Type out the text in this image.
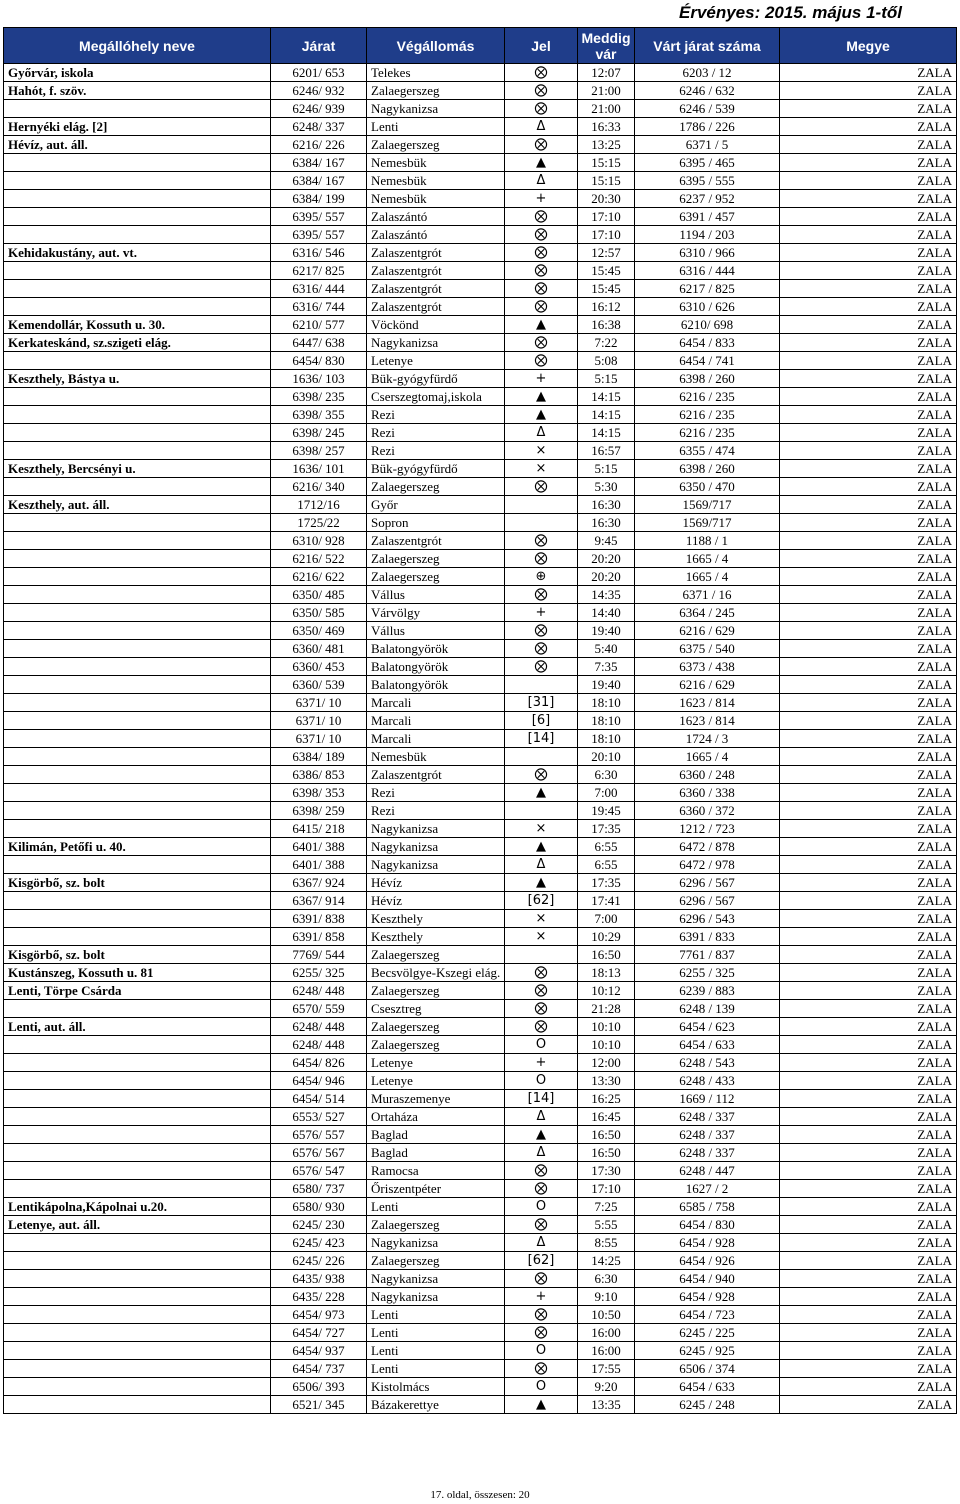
Érvényes: 2015. május 1-től
Megállóhely neve	Járat	Végállomás	Jel	Meddig vár	Várt járat száma	Megye
Győrvár, iskola	6201/ 653	Telekes	⨂	12:07	6203 / 12	ZALA
Hahót, f. szöv.	6246/ 932	Zalaegerszeg	⨂	21:00	6246 / 632	ZALA
	6246/ 939	Nagykanizsa	⨂	21:00	6246 / 539	ZALA
Hernyéki elág. [2]	6248/ 337	Lenti	Δ	16:33	1786 / 226	ZALA
Hévíz, aut. áll.	6216/ 226	Zalaegerszeg	⨂	13:25	6371 / 5	ZALA
	6384/ 167	Nemesbük	▲	15:15	6395 / 465	ZALA
	6384/ 167	Nemesbük	Δ	15:15	6395 / 555	ZALA
	6384/ 199	Nemesbük	+	20:30	6237 / 952	ZALA
	6395/ 557	Zalaszántó	⨂	17:10	6391 / 457	ZALA
	6395/ 557	Zalaszántó	⨂	17:10	1194 / 203	ZALA
Kehidakustány, aut. vt.	6316/ 546	Zalaszentgrót	⨂	12:57	6310 / 966	ZALA
	6217/ 825	Zalaszentgrót	⨂	15:45	6316 / 444	ZALA
	6316/ 444	Zalaszentgrót	⨂	15:45	6217 / 825	ZALA
	6316/ 744	Zalaszentgrót	⨂	16:12	6310 / 626	ZALA
Kemendollár, Kossuth u. 30.	6210/ 577	Vöckönd	▲	16:38	6210/ 698	ZALA
Kerkateskánd, sz.szigeti elág.	6447/ 638	Nagykanizsa	⨂	7:22	6454 / 833	ZALA
	6454/ 830	Letenye	⨂	5:08	6454 / 741	ZALA
Keszthely, Bástya u.	1636/ 103	Bük-gyógyfürdő	+	5:15	6398 / 260	ZALA
	6398/ 235	Cserszegtomaj,iskola	▲	14:15	6216 / 235	ZALA
	6398/ 355	Rezi	▲	14:15	6216 / 235	ZALA
	6398/ 245	Rezi	Δ	14:15	6216 / 235	ZALA
	6398/ 257	Rezi	×	16:57	6355 / 474	ZALA
Keszthely, Bercsényi u.	1636/ 101	Bük-gyógyfürdő	×	5:15	6398 / 260	ZALA
	6216/ 340	Zalaegerszeg	⨂	5:30	6350 / 470	ZALA
Keszthely, aut. áll.	1712/16	Győr		16:30	1569/717	ZALA
	1725/22	Sopron		16:30	1569/717	ZALA
	6310/ 928	Zalaszentgrót	⨂	9:45	1188 / 1	ZALA
	6216/ 522	Zalaegerszeg	⨂	20:20	1665 / 4	ZALA
	6216/ 622	Zalaegerszeg	⊕	20:20	1665 / 4	ZALA
	6350/ 485	Vállus	⨂	14:35	6371 / 16	ZALA
	6350/ 585	Várvölgy	+	14:40	6364 / 245	ZALA
	6350/ 469	Vállus	⨂	19:40	6216 / 629	ZALA
	6360/ 481	Balatongyörök	⨂	5:40	6375 / 540	ZALA
	6360/ 453	Balatongyörök	⨂	7:35	6373 / 438	ZALA
	6360/ 539	Balatongyörök		19:40	6216 / 629	ZALA
	6371/ 10	Marcali	[31]	18:10	1623 / 814	ZALA
	6371/ 10	Marcali	[6]	18:10	1623 / 814	ZALA
	6371/ 10	Marcali	[14]	18:10	1724 / 3	ZALA
	6384/ 189	Nemesbük		20:10	1665 / 4	ZALA
	6386/ 853	Zalaszentgrót	⨂	6:30	6360 / 248	ZALA
	6398/ 353	Rezi	▲	7:00	6360 / 338	ZALA
	6398/ 259	Rezi		19:45	6360 / 372	ZALA
	6415/ 218	Nagykanizsa	×	17:35	1212 / 723	ZALA
Kilimán, Petőfi u. 40.	6401/ 388	Nagykanizsa	▲	6:55	6472 / 878	ZALA
	6401/ 388	Nagykanizsa	Δ	6:55	6472 / 978	ZALA
Kisgörbő, sz. bolt	6367/ 924	Hévíz	▲	17:35	6296 / 567	ZALA
	6367/ 914	Hévíz	[62]	17:41	6296 / 567	ZALA
	6391/ 838	Keszthely	×	7:00	6296 / 543	ZALA
	6391/ 858	Keszthely	×	10:29	6391 / 833	ZALA
Kisgörbő, sz. bolt	7769/ 544	Zalaegerszeg		16:50	7761 / 837	ZALA
Kustánszeg, Kossuth u. 81	6255/ 325	Becsvölgye-Kszegi elág.	⨂	18:13	6255 / 325	ZALA
Lenti, Törpe Csárda	6248/ 448	Zalaegerszeg	⨂	10:12	6239 / 883	ZALA
	6570/ 559	Csesztreg	⨂	21:28	6248 / 139	ZALA
Lenti, aut. áll.	6248/ 448	Zalaegerszeg	⨂	10:10	6454 / 623	ZALA
	6248/ 448	Zalaegerszeg	O	10:10	6454 / 633	ZALA
	6454/ 826	Letenye	+	12:00	6248 / 543	ZALA
	6454/ 946	Letenye	O	13:30	6248 / 433	ZALA
	6454/ 514	Muraszemenye	[14]	16:25	1669 / 112	ZALA
	6553/ 527	Ortaháza	Δ	16:45	6248 / 337	ZALA
	6576/ 557	Baglad	▲	16:50	6248 / 337	ZALA
	6576/ 567	Baglad	Δ	16:50	6248 / 337	ZALA
	6576/ 547	Ramocsa	⨂	17:30	6248 / 447	ZALA
	6580/ 737	Őriszentpéter	⨂	17:10	1627 / 2	ZALA
Lentikápolna,Kápolnai u.20.	6580/ 930	Lenti	O	7:25	6585 / 758	ZALA
Letenye, aut. áll.	6245/ 230	Zalaegerszeg	⨂	5:55	6454 / 830	ZALA
	6245/ 423	Nagykanizsa	Δ	8:55	6454 / 928	ZALA
	6245/ 226	Zalaegerszeg	[62]	14:25	6454 / 926	ZALA
	6435/ 938	Nagykanizsa	⨂	6:30	6454 / 940	ZALA
	6435/ 228	Nagykanizsa	+	9:10	6454 / 928	ZALA
	6454/ 973	Lenti	⨂	10:50	6454 / 723	ZALA
	6454/ 727	Lenti	⨂	16:00	6245 / 225	ZALA
	6454/ 937	Lenti	O	16:00	6245 / 925	ZALA
	6454/ 737	Lenti	⨂	17:55	6506 / 374	ZALA
	6506/ 393	Kistolmács	O	9:20	6454 / 633	ZALA
	6521/ 345	Bázakerettye	▲	13:35	6245 / 248	ZALA
17. oldal, összesen: 20
